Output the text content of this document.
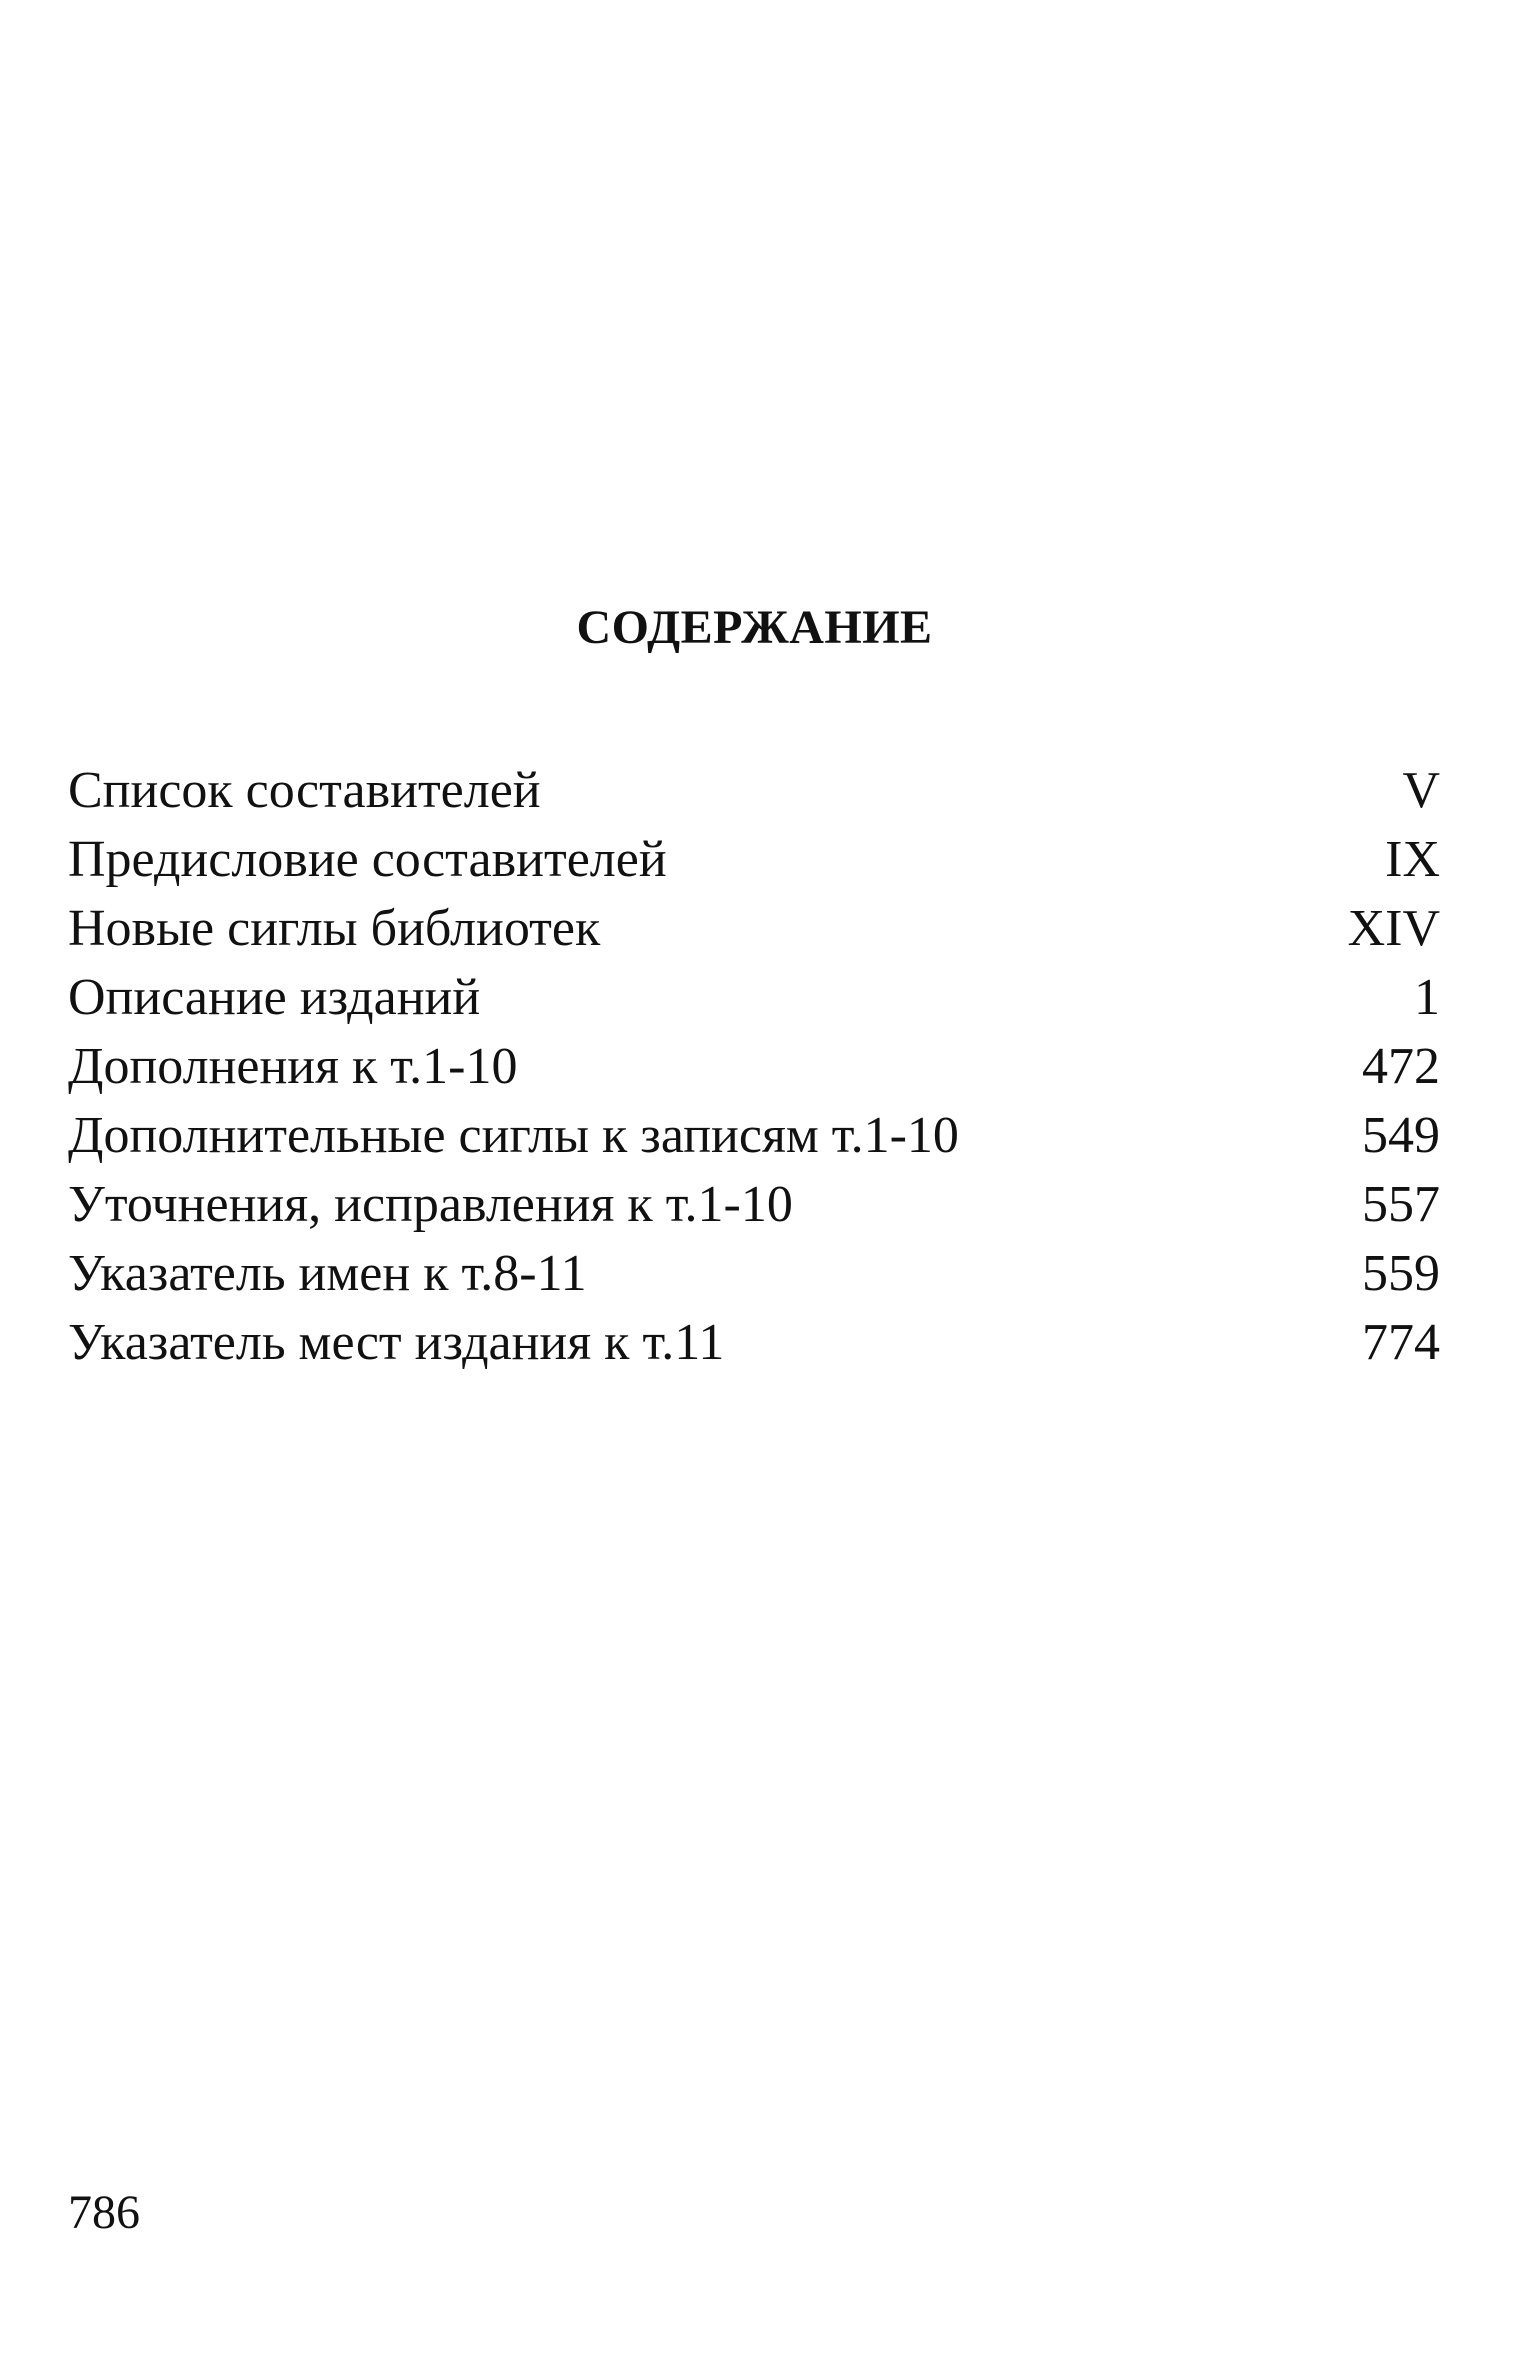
СОДЕРЖАНИЕ
Список составителей	V
Предисловие составителей	IX
Новые сиглы библиотек	XIV
Описание изданий	1
Дополнения к т.1-10	472
Дополнительные сиглы к записям т.1-10	549
Уточнения, исправления к т.1-10	557
Указатель имен к т.8-11	559
Указатель мест издания к т.11	774
786
